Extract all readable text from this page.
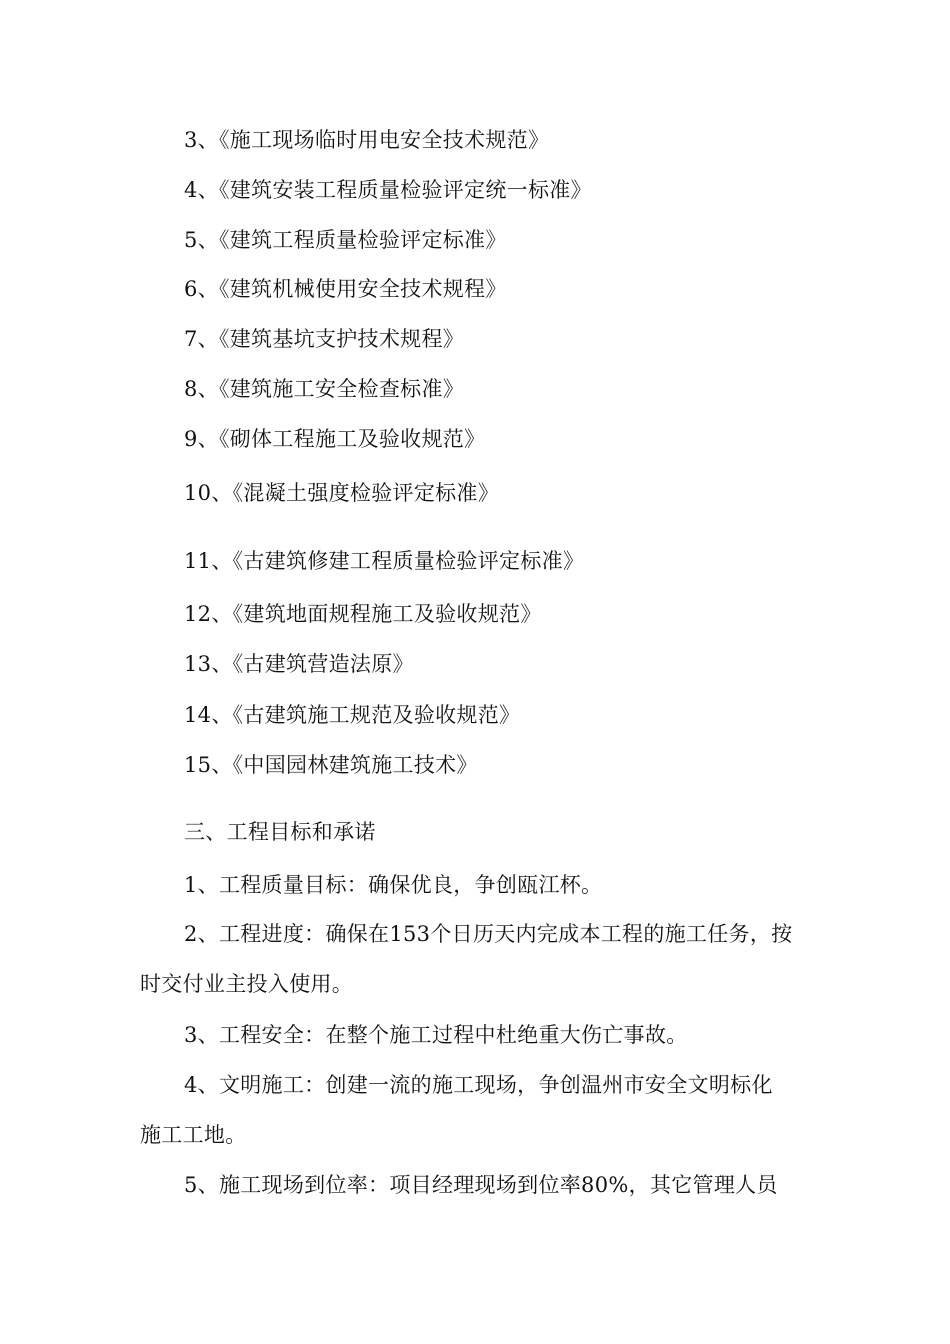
3、《施工现场临时用电安全技术规范》
4、《建筑安装工程质量检验评定统一标准》
5、《建筑工程质量检验评定标准》
6、《建筑机械使用安全技术规程》
7、《建筑基坑支护技术规程》
8、《建筑施工安全检查标准》
9、《砌体工程施工及验收规范》
10、《混凝土强度检验评定标准》
11、《古建筑修建工程质量检验评定标准》
12、《建筑地面规程施工及验收规范》
13、《古建筑营造法原》
14、《古建筑施工规范及验收规范》
15、《中国园林建筑施工技术》
三、工程目标和承诺
1、工程质量目标：确保优良，争创瓯江杯。
2、工程进度：确保在153个日历天内完成本工程的施工任务，按
时交付业主投入使用。
3、工程安全：在整个施工过程中杜绝重大伤亡事故。
4、文明施工：创建一流的施工现场，争创温州市安全文明标化
施工工地。
5、施工现场到位率：项目经理现场到位率80%，其它管理人员
